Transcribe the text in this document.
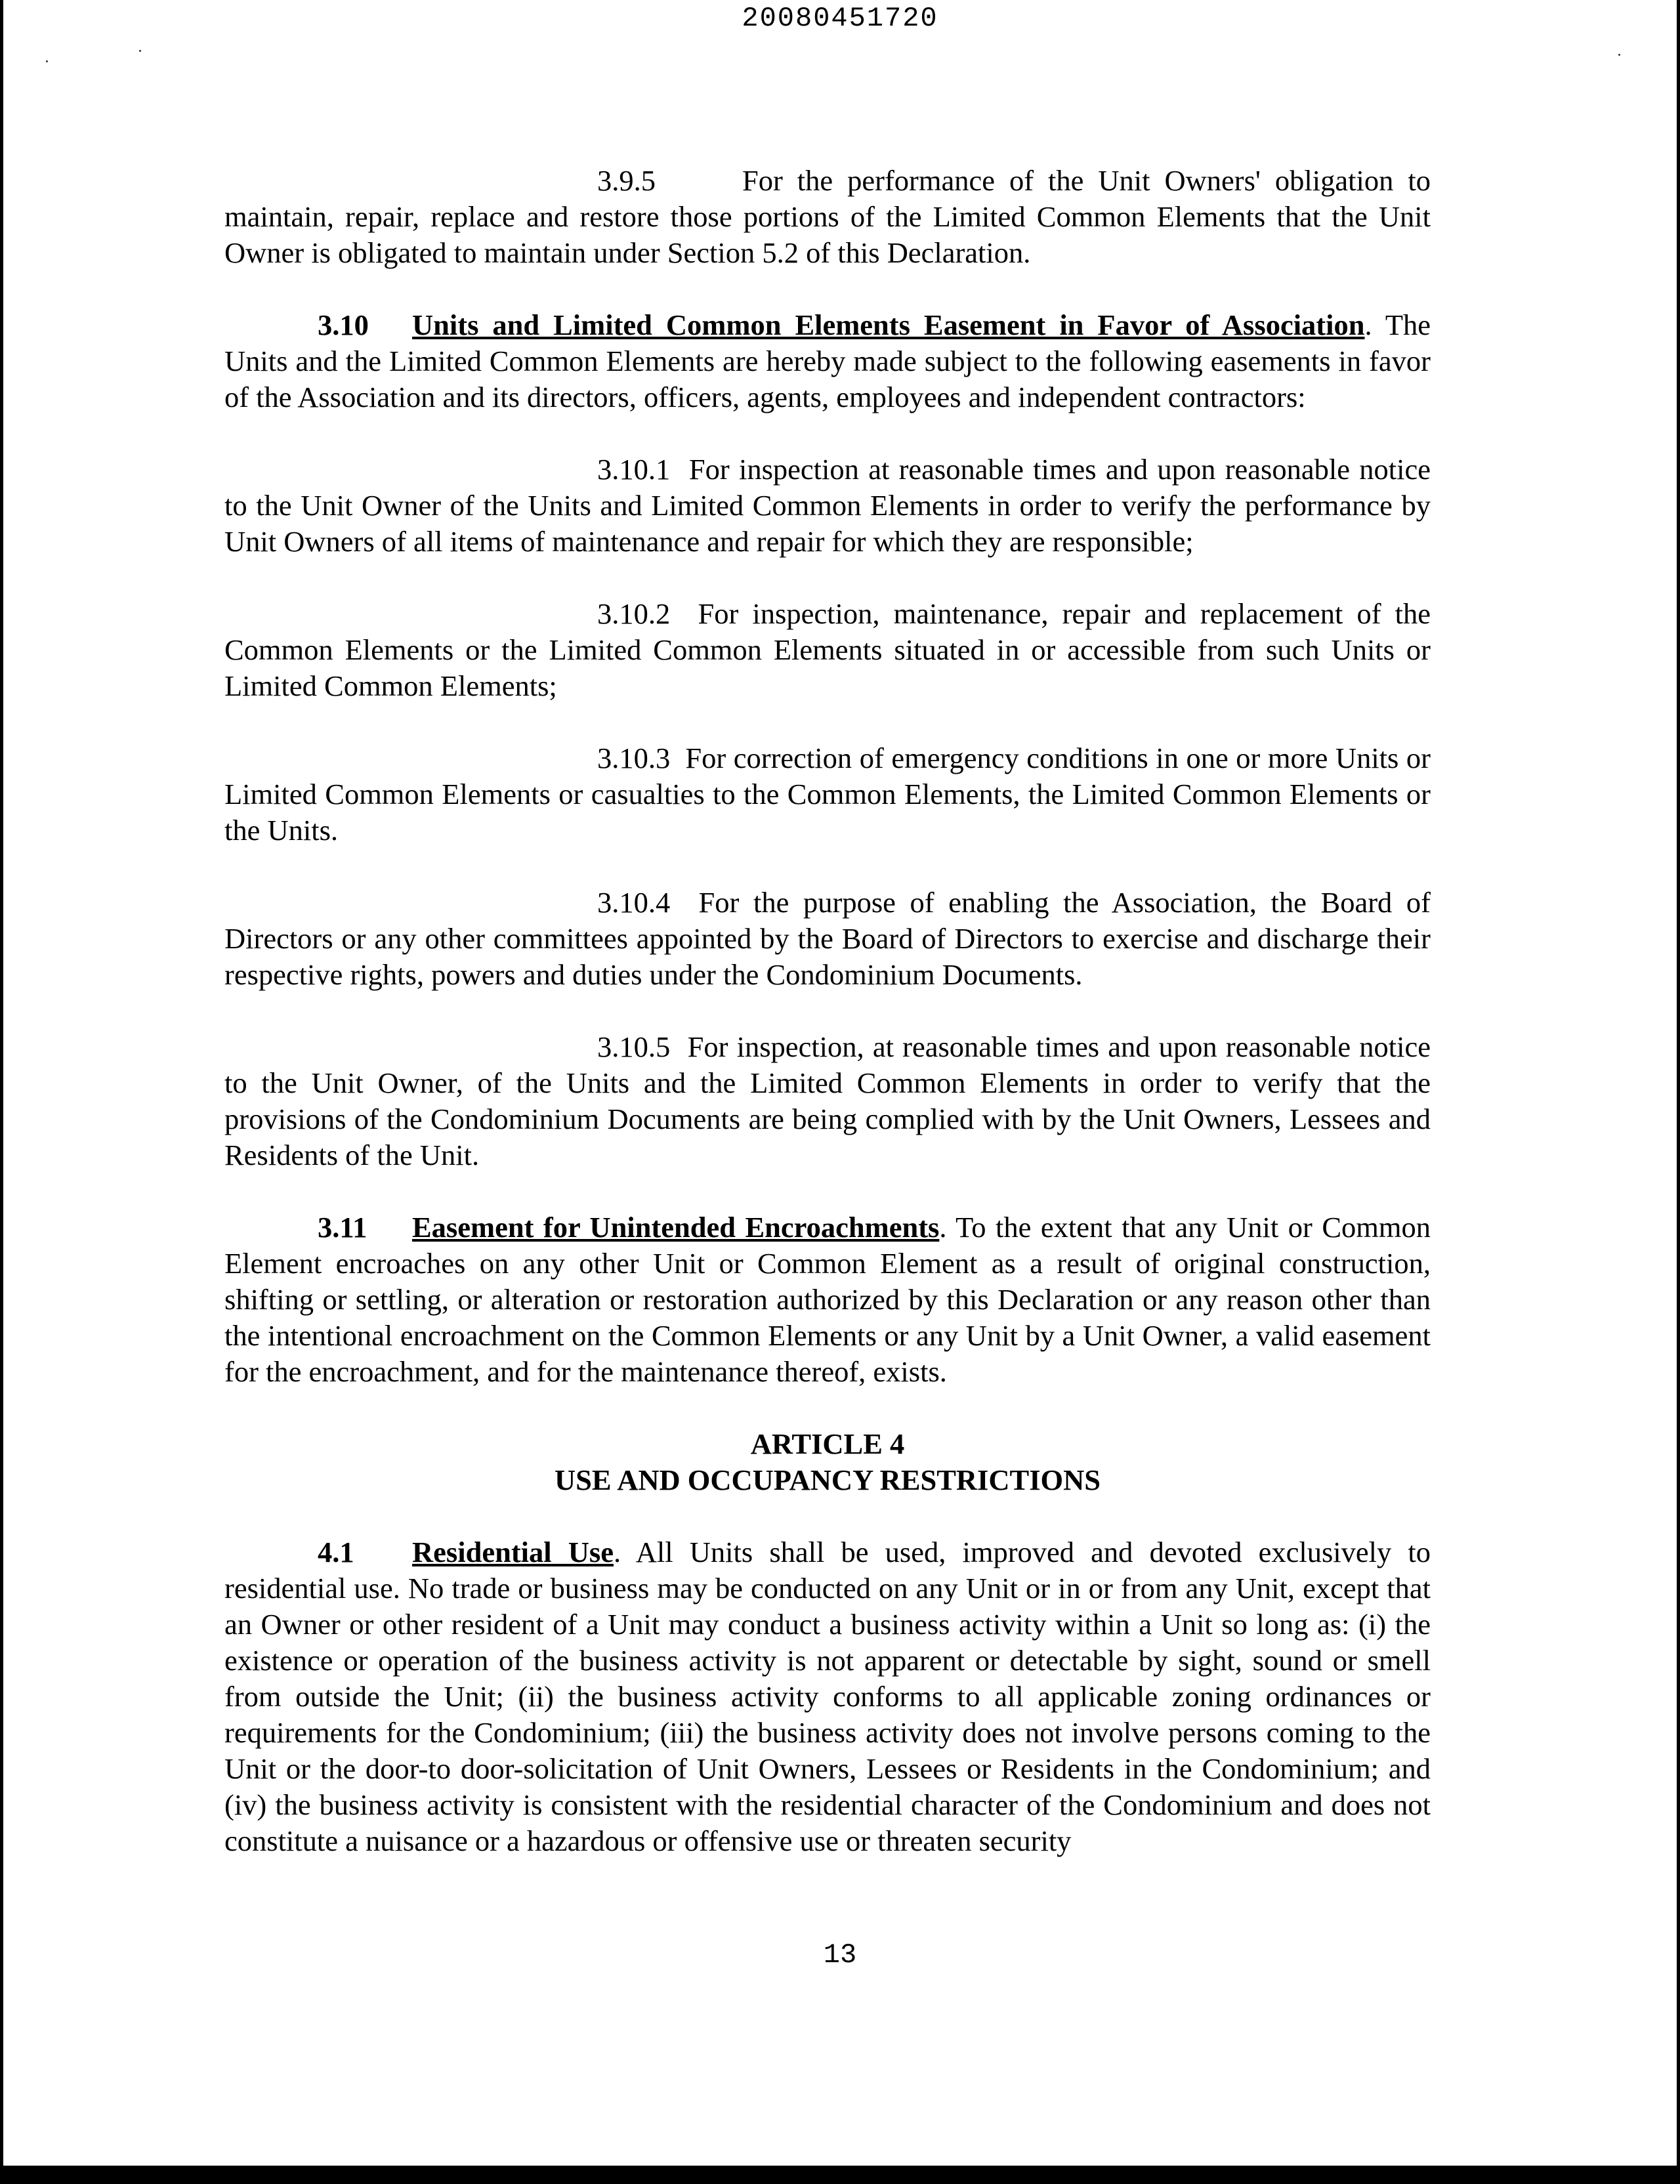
20080451720

3.9.5	For the performance of the Unit Owners' obligation to maintain, repair, replace and restore those portions of the Limited Common Elements that the Unit Owner is obligated to maintain under Section 5.2 of this Declaration.

3.10 Units and Limited Common Elements Easement in Favor of Association. The Units and the Limited Common Elements are hereby made subject to the following easements in favor of the Association and its directors, officers, agents, employees and independent contractors:

3.10.1 For inspection at reasonable times and upon reasonable notice to the Unit Owner of the Units and Limited Common Elements in order to verify the performance by Unit Owners of all items of maintenance and repair for which they are responsible;

3.10.2 For inspection, maintenance, repair and replacement of the Common Elements or the Limited Common Elements situated in or accessible from such Units or Limited Common Elements;

3.10.3 For correction of emergency conditions in one or more Units or Limited Common Elements or casualties to the Common Elements, the Limited Common Elements or the Units.

3.10.4 For the purpose of enabling the Association, the Board of Directors or any other committees appointed by the Board of Directors to exercise and discharge their respective rights, powers and duties under the Condominium Documents.

3.10.5 For inspection, at reasonable times and upon reasonable notice to the Unit Owner, of the Units and the Limited Common Elements in order to verify that the provisions of the Condominium Documents are being complied with by the Unit Owners, Lessees and Residents of the Unit.

3.11 Easement for Unintended Encroachments. To the extent that any Unit or Common Element encroaches on any other Unit or Common Element as a result of original construction, shifting or settling, or alteration or restoration authorized by this Declaration or any reason other than the intentional encroachment on the Common Elements or any Unit by a Unit Owner, a valid easement for the encroachment, and for the maintenance thereof, exists.

ARTICLE 4
USE AND OCCUPANCY RESTRICTIONS

4.1 Residential Use. All Units shall be used, improved and devoted exclusively to residential use. No trade or business may be conducted on any Unit or in or from any Unit, except that an Owner or other resident of a Unit may conduct a business activity within a Unit so long as: (i) the existence or operation of the business activity is not apparent or detectable by sight, sound or smell from outside the Unit; (ii) the business activity conforms to all applicable zoning ordinances or requirements for the Condominium; (iii) the business activity does not involve persons coming to the Unit or the door-to door-solicitation of Unit Owners, Lessees or Residents in the Condominium; and (iv) the business activity is consistent with the residential character of the Condominium and does not constitute a nuisance or a hazardous or offensive use or threaten security

13
